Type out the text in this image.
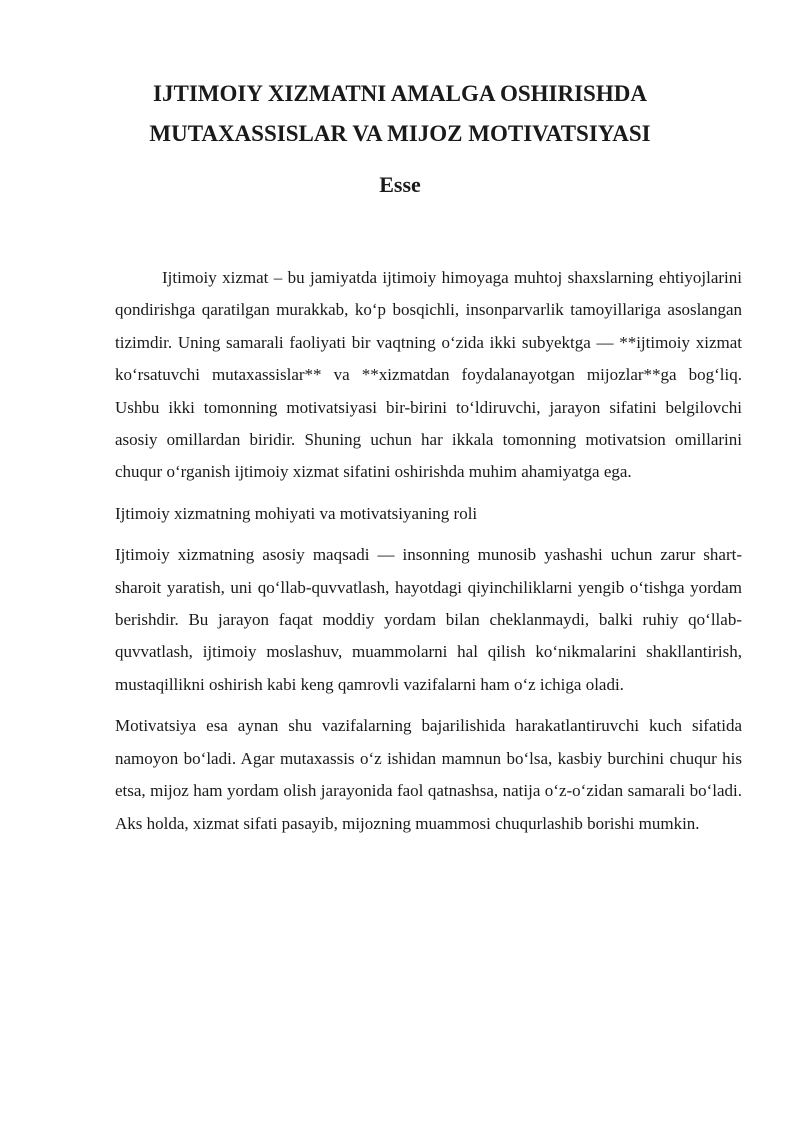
IJTIMOIY XIZMATNI AMALGA OSHIRISHDA MUTAXASSISLAR VA MIJOZ MOTIVATSIYASI
Esse

Ijtimoiy xizmat – bu jamiyatda ijtimoiy himoyaga muhtoj shaxslarning ehtiyojlarini qondirishga qaratilgan murakkab, koʻp bosqichli, insonparvarlik tamoyillariga asoslangan tizimdir. Uning samarali faoliyati bir vaqtning oʻzida ikki subyektga — **ijtimoiy xizmat koʻrsatuvchi mutaxassislar** va **xizmatdan foydalanayotgan mijozlar**ga bogʻliq. Ushbu ikki tomonning motivatsiyasi bir-birini toʻldiruvchi, jarayon sifatini belgilovchi asosiy omillardan biridir. Shuning uchun har ikkala tomonning motivatsion omillarini chuqur oʻrganish ijtimoiy xizmat sifatini oshirishda muhim ahamiyatga ega.

Ijtimoiy xizmatning mohiyati va motivatsiyaning roli

Ijtimoiy xizmatning asosiy maqsadi — insonning munosib yashashi uchun zarur shart-sharoit yaratish, uni qoʻllab-quvvatlash, hayotdagi qiyinchiliklarni yengib oʻtishga yordam berishdir. Bu jarayon faqat moddiy yordam bilan cheklanmaydi, balki ruhiy qoʻllab-quvvatlash, ijtimoiy moslashuv, muammolarni hal qilish koʻnikmalarini shakllantirish, mustaqillikni oshirish kabi keng qamrovli vazifalarni ham oʻz ichiga oladi.

Motivatsiya esa aynan shu vazifalarning bajarilishida harakatlantiruvchi kuch sifatida namoyon boʻladi. Agar mutaxassis oʻz ishidan mamnun boʻlsa, kasbiy burchini chuqur his etsa, mijoz ham yordam olish jarayonida faol qatnashsa, natija oʻz-oʻzidan samarali boʻladi. Aks holda, xizmat sifati pasayib, mijozning muammosi chuqurlashib borishi mumkin.
